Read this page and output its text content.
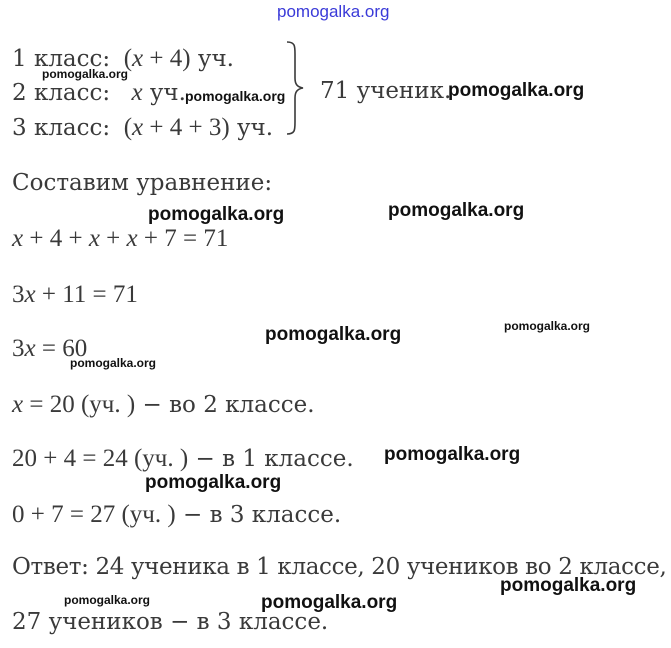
pomogalka.org
1 класс: (x + 4) уч.
2 класс: x уч.
3 класс: (x + 4 + 3) уч.
71 ученик.
Составим уравнение:
x + 4 + x + x + 7 = 71
3x + 11 = 71
3x = 60
x = 20 (уч. ) − во 2 классе.
20 + 4 = 24 (уч. ) − в 1 классе.
0 + 7 = 27 (уч. ) − в 3 классе.
Ответ: 24 ученика в 1 классе, 20 учеников во 2 классе,
27 учеников − в 3 классе.
pomogalka.org
pomogalka.org	pomogalka.org
pomogalka.org	pomogalka.org
pomogalka.org	pomogalka.org
pomogalka.org
pomogalka.org
pomogalka.org
pomogalka.org
pomogalka.org	pomogalka.org
